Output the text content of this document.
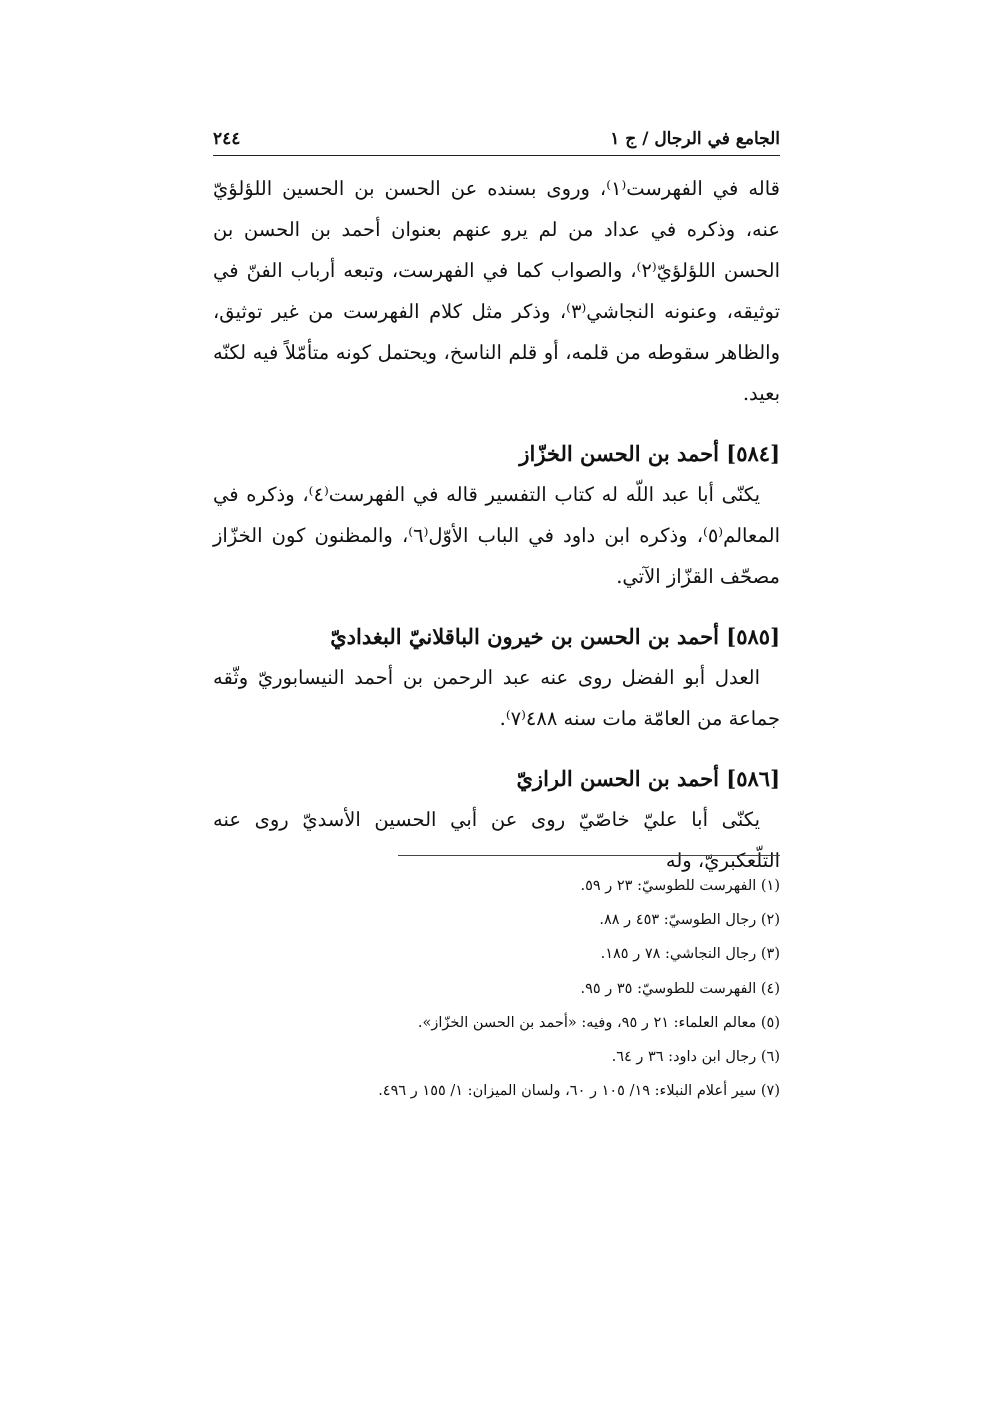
٢٤٤	الجامع في الرجال / ج ١

قاله في الفهرست⁽١⁾، وروى بسنده عن الحسن بن الحسين اللؤلؤيّ عنه، وذكره في عداد من لم يرو عنهم بعنوان أحمد بن الحسن بن الحسن اللؤلؤيّ⁽٢⁾، والصواب كما في الفهرست، وتبعه أرباب الفنّ في توثيقه، وعنونه النجاشي⁽٣⁾، وذكر مثل كلام الفهرست من غير توثيق، والظاهر سقوطه من قلمه، أو قلم الناسخ، ويحتمل كونه متأمّلاً فيه لكنّه بعيد.

[٥٨٤] أحمد بن الحسن الخزّاز

يكنّى أبا عبد اللّه له كتاب التفسير قاله في الفهرست⁽٤⁾، وذكره في المعالم⁽٥⁾، وذكره ابن داود في الباب الأوّل⁽٦⁾، والمظنون كون الخزّاز مصحّف القزّاز الآتي.

[٥٨٥] أحمد بن الحسن بن خيرون الباقلانيّ البغداديّ

العدل أبو الفضل روى عنه عبد الرحمن بن أحمد النيسابوريّ وثّقه جماعة من العامّة مات سنه ٤٨٨⁽٧⁾.

[٥٨٦] أحمد بن الحسن الرازيّ

يكنّى أبا عليّ خاصّيّ روى عن أبي الحسين الأسديّ روى عنه التلّعكبريّ، وله

(١) الفهرست للطوسيّ: ٢٣ ر ٥٩.

(٢) رجال الطوسيّ: ٤٥٣ ر ٨٨.

(٣) رجال النجاشي: ٧٨ ر ١٨٥.

(٤) الفهرست للطوسيّ: ٣٥ ر ٩٥.

(٥) معالم العلماء: ٢١ ر ٩٥، وفيه: «أحمد بن الحسن الخزّاز».

(٦) رجال ابن داود: ٣٦ ر ٦٤.

(٧) سير أعلام النبلاء: ١٩/ ١٠٥ ر ٦٠، ولسان الميزان: ١/ ١٥٥ ر ٤٩٦.
